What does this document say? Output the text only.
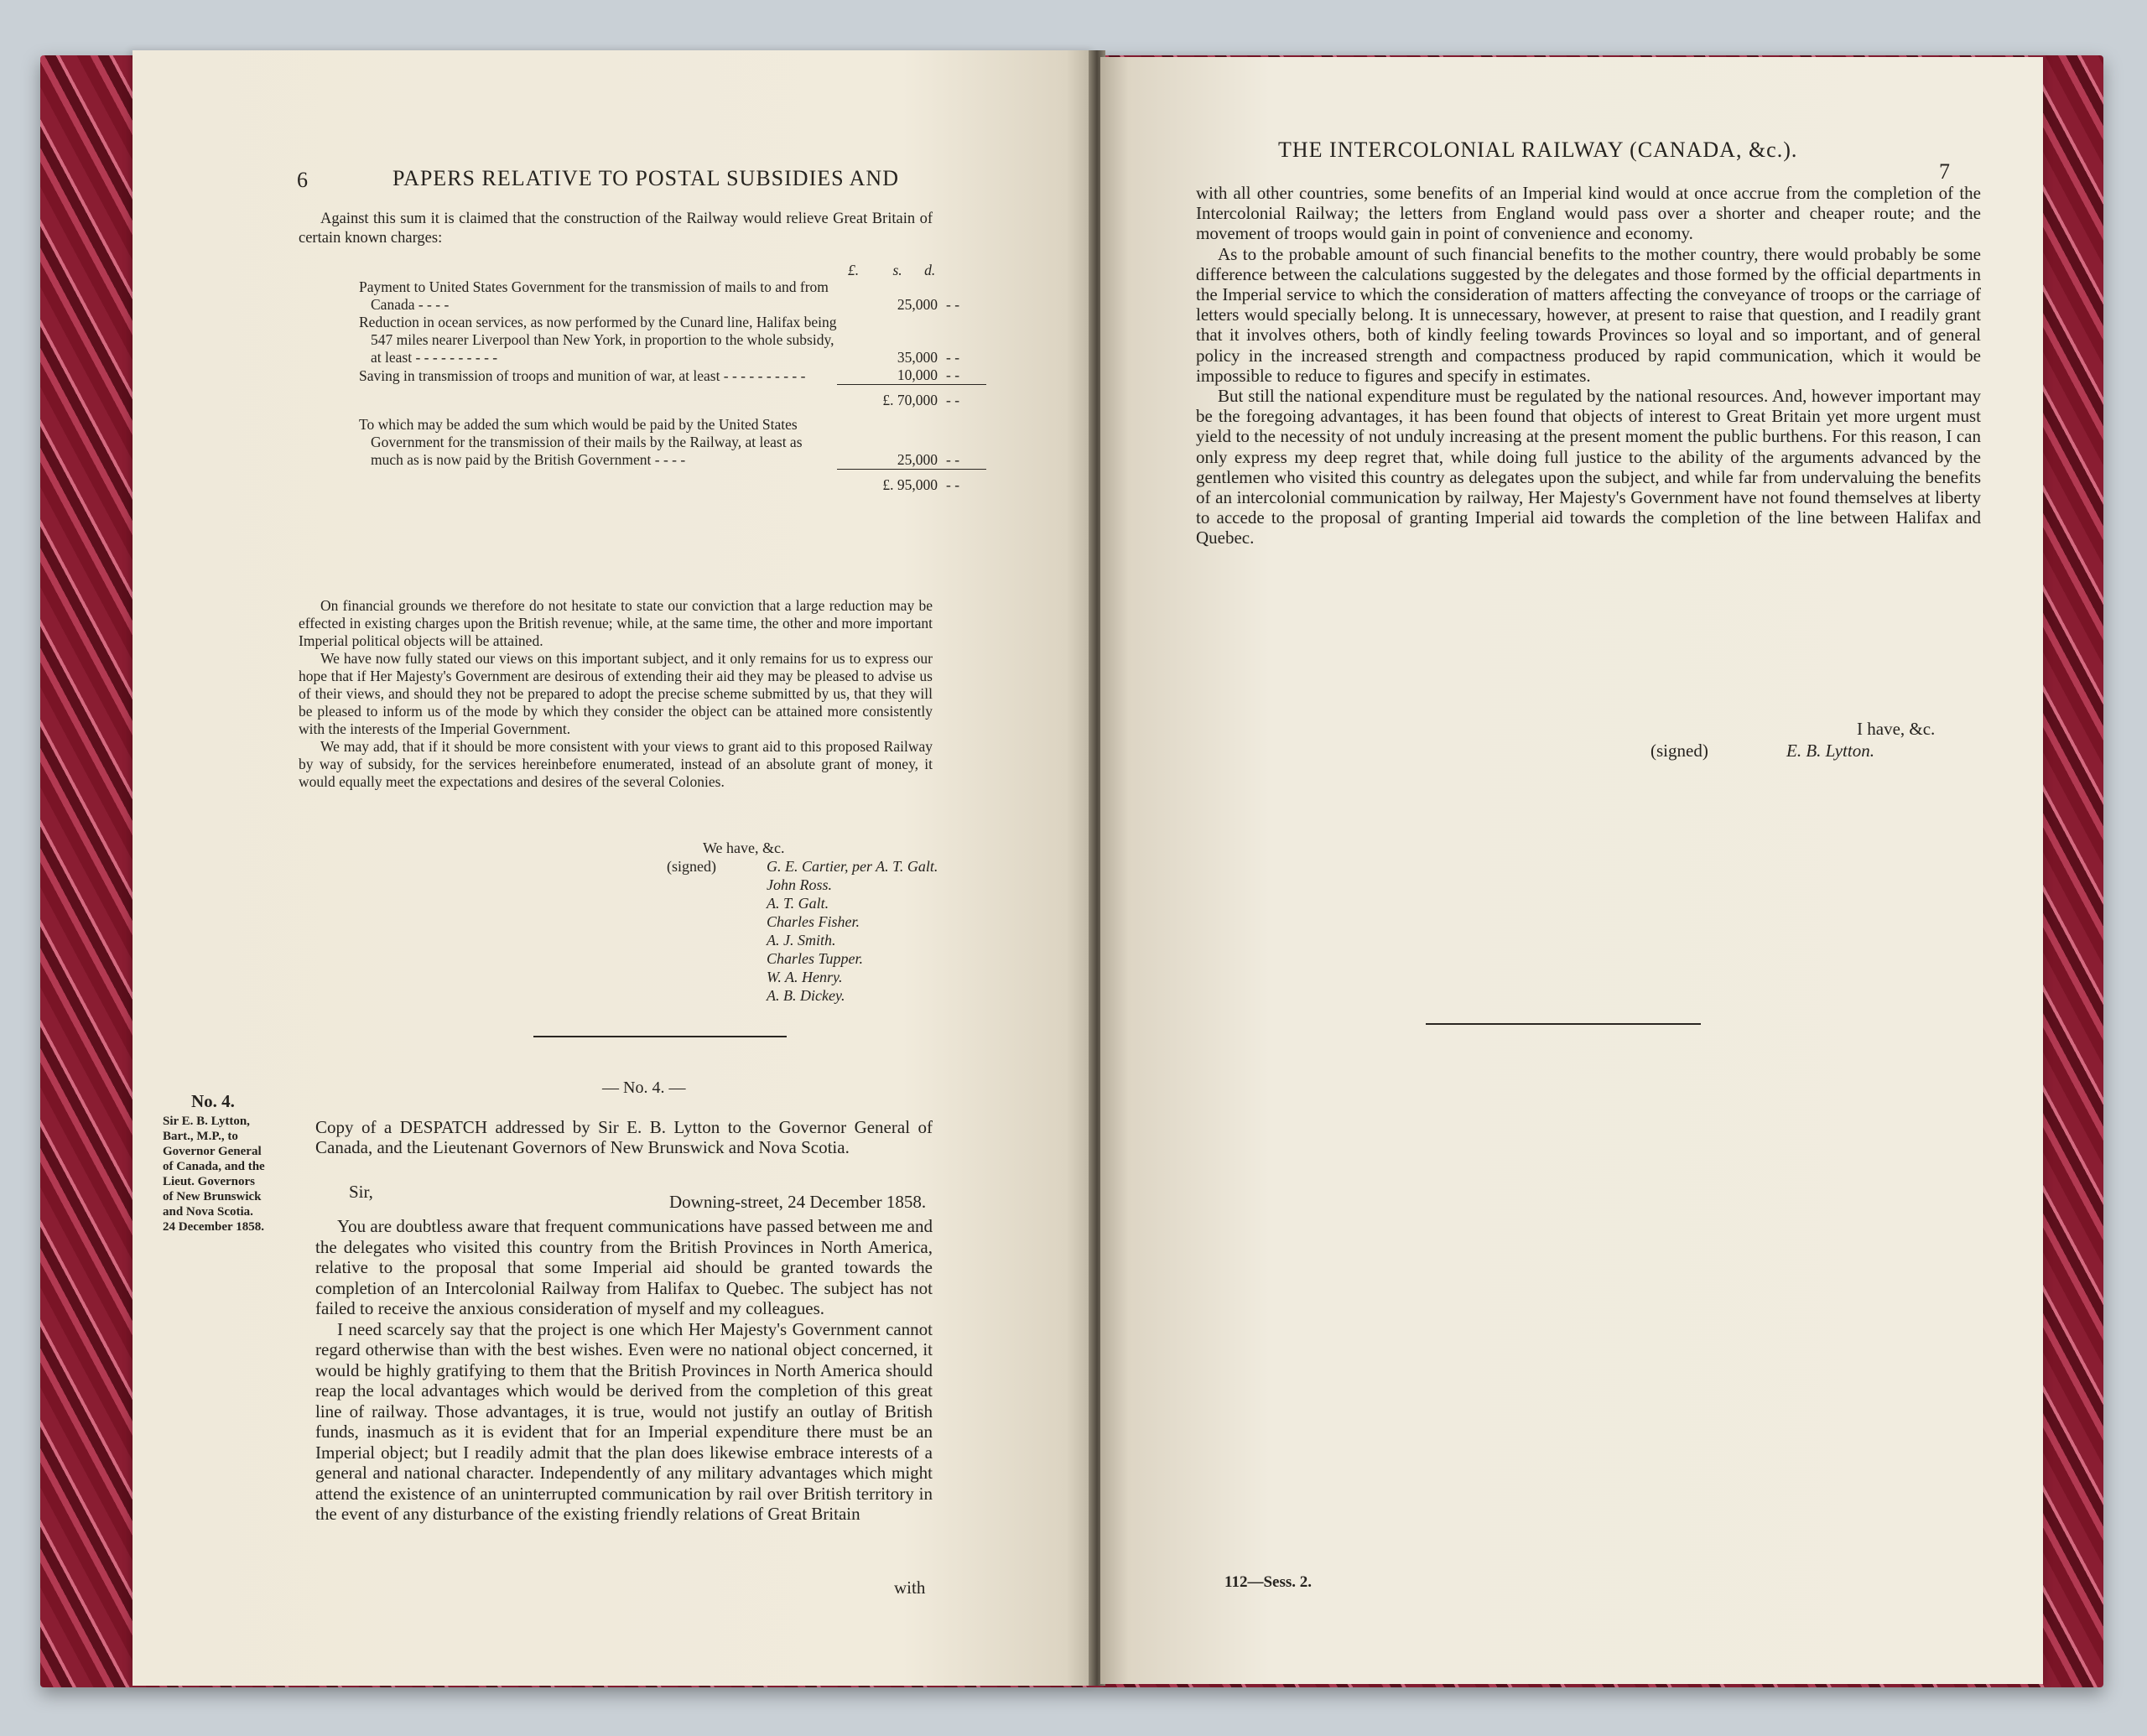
6	PAPERS RELATIVE TO POSTAL SUBSIDIES AND

Against this sum it is claimed that the construction of the Railway would relieve Great Britain of certain known charges:

£. s. d.
Payment to United States Government for the transmission of mails to and from Canada - - - -	25,000	- -
Reduction in ocean services, as now performed by the Cunard line, Halifax being 547 miles nearer Liverpool than New York, in proportion to the whole subsidy, at least - - - - - - - - - -	35,000	- -
Saving in transmission of troops and munition of war, at least - - - - - - - - - -	10,000	- -
	£. 70,000	- -
To which may be added the sum which would be paid by the United States Government for the transmission of their mails by the Railway, at least as much as is now paid by the British Government - - - -	25,000	- -
	£. 95,000	- -

On financial grounds we therefore do not hesitate to state our conviction that a large reduction may be effected in existing charges upon the British revenue; while, at the same time, the other and more important Imperial political objects will be attained.

We have now fully stated our views on this important subject, and it only remains for us to express our hope that if Her Majesty's Government are desirous of extending their aid they may be pleased to advise us of their views, and should they not be prepared to adopt the precise scheme submitted by us, that they will be pleased to inform us of the mode by which they consider the object can be attained more consistently with the interests of the Imperial Government.

We may add, that if it should be more consistent with your views to grant aid to this proposed Railway by way of subsidy, for the services hereinbefore enumerated, instead of an absolute grant of money, it would equally meet the expectations and desires of the several Colonies.

We have, &c.
(signed)	G. E. Cartier, per A. T. Galt.
John Ross.
A. T. Galt.
Charles Fisher.
A. J. Smith.
Charles Tupper.
W. A. Henry.
A. B. Dickey.
— No. 4. —
No. 4.
Sir E. B. Lytton,
Bart., M.P., to
Governor General
of Canada, and the
Lieut. Governors
of New Brunswick
and Nova Scotia.
24 December 1858.

Copy of a DESPATCH addressed by Sir E. B. Lytton to the Governor General of Canada, and the Lieutenant Governors of New Brunswick and Nova Scotia.

Sir,	Downing-street, 24 December 1858.

You are doubtless aware that frequent communications have passed between me and the delegates who visited this country from the British Provinces in North America, relative to the proposal that some Imperial aid should be granted towards the completion of an Intercolonial Railway from Halifax to Quebec. The subject has not failed to receive the anxious consideration of myself and my colleagues.

I need scarcely say that the project is one which Her Majesty's Government cannot regard otherwise than with the best wishes. Even were no national object concerned, it would be highly gratifying to them that the British Provinces in North America should reap the local advantages which would be derived from the completion of this great line of railway. Those advantages, it is true, would not justify an outlay of British funds, inasmuch as it is evident that for an Imperial expenditure there must be an Imperial object; but I readily admit that the plan does likewise embrace interests of a general and national character. Independently of any military advantages which might attend the existence of an uninterrupted communication by rail over British territory in the event of any disturbance of the existing friendly relations of Great Britain

with
THE INTERCOLONIAL RAILWAY (CANADA, &c.).
7

with all other countries, some benefits of an Imperial kind would at once accrue from the completion of the Intercolonial Railway; the letters from England would pass over a shorter and cheaper route; and the movement of troops would gain in point of convenience and economy.

As to the probable amount of such financial benefits to the mother country, there would probably be some difference between the calculations suggested by the delegates and those formed by the official departments in the Imperial service to which the consideration of matters affecting the conveyance of troops or the carriage of letters would specially belong. It is unnecessary, however, at present to raise that question, and I readily grant that it involves others, both of kindly feeling towards Provinces so loyal and so important, and of general policy in the increased strength and compactness produced by rapid communication, which it would be impossible to reduce to figures and specify in estimates.

But still the national expenditure must be regulated by the national resources. And, however important may be the foregoing advantages, it has been found that objects of interest to Great Britain yet more urgent must yield to the necessity of not unduly increasing at the present moment the public burthens. For this reason, I can only express my deep regret that, while doing full justice to the ability of the arguments advanced by the gentlemen who visited this country as delegates upon the subject, and while far from undervaluing the benefits of an intercolonial communication by railway, Her Majesty's Government have not found themselves at liberty to accede to the proposal of granting Imperial aid towards the completion of the line between Halifax and Quebec.

I have, &c.
(signed)	E. B. Lytton.
112—Sess. 2.
